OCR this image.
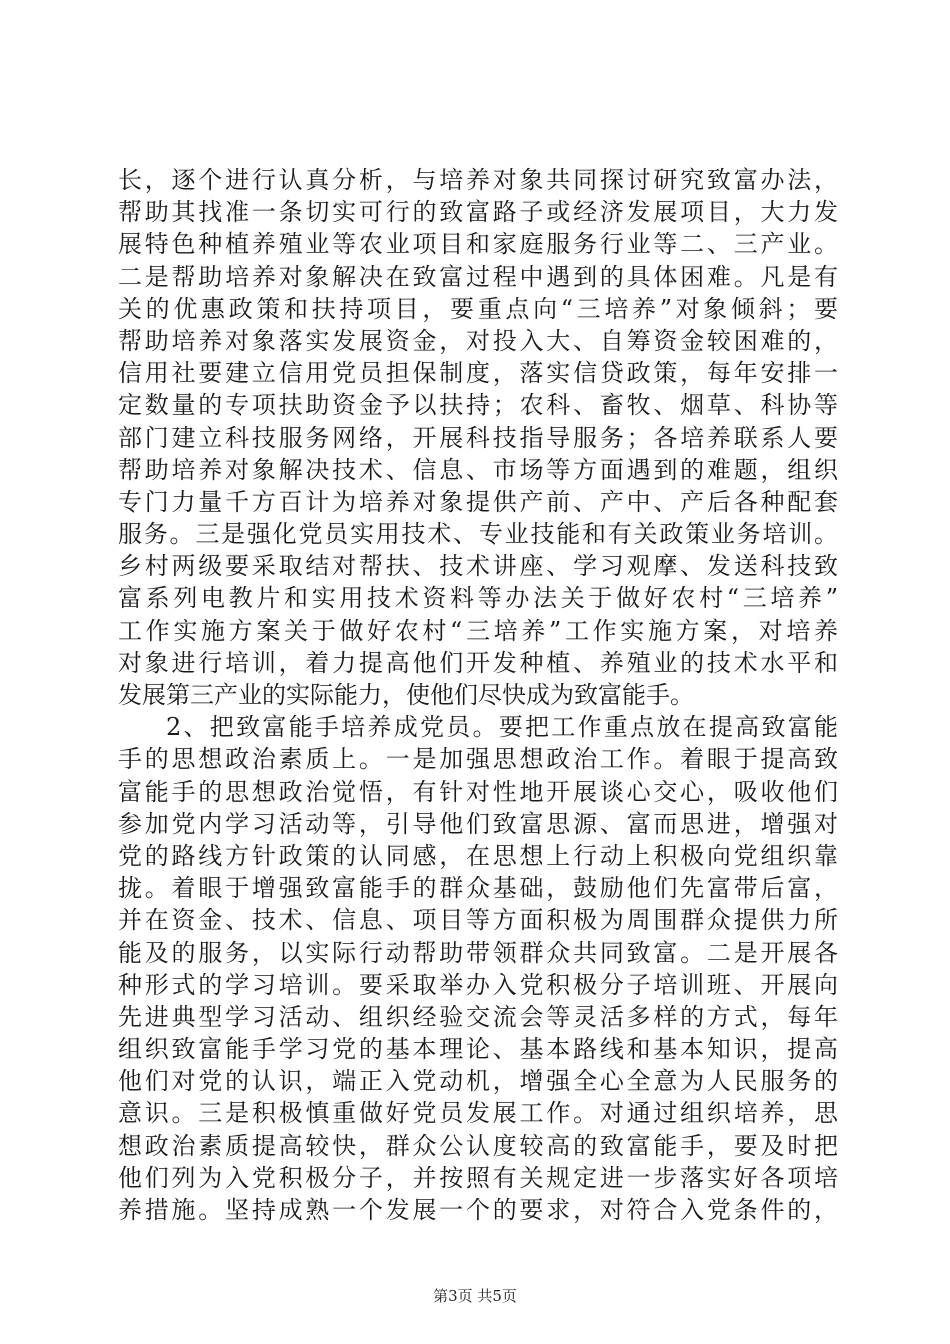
长，逐个进行认真分析，与培养对象共同探讨研究致富办法，
帮助其找准一条切实可行的致富路子或经济发展项目，大力发
展特色种植养殖业等农业项目和家庭服务行业等二、三产业。
二是帮助培养对象解决在致富过程中遇到的具体困难。凡是有
关的优惠政策和扶持项目，要重点向“三培养”对象倾斜；要
帮助培养对象落实发展资金，对投入大、自筹资金较困难的，
信用社要建立信用党员担保制度，落实信贷政策，每年安排一
定数量的专项扶助资金予以扶持；农科、畜牧、烟草、科协等
部门建立科技服务网络，开展科技指导服务；各培养联系人要
帮助培养对象解决技术、信息、市场等方面遇到的难题，组织
专门力量千方百计为培养对象提供产前、产中、产后各种配套
服务。三是强化党员实用技术、专业技能和有关政策业务培训。
乡村两级要采取结对帮扶、技术讲座、学习观摩、发送科技致
富系列电教片和实用技术资料等办法关于做好农村“三培养”
工作实施方案关于做好农村“三培养”工作实施方案，对培养
对象进行培训，着力提高他们开发种植、养殖业的技术水平和
发展第三产业的实际能力，使他们尽快成为致富能手。
2、把致富能手培养成党员。要把工作重点放在提高致富能
手的思想政治素质上。一是加强思想政治工作。着眼于提高致
富能手的思想政治觉悟，有针对性地开展谈心交心，吸收他们
参加党内学习活动等，引导他们致富思源、富而思进，增强对
党的路线方针政策的认同感，在思想上行动上积极向党组织靠
拢。着眼于增强致富能手的群众基础，鼓励他们先富带后富，
并在资金、技术、信息、项目等方面积极为周围群众提供力所
能及的服务，以实际行动帮助带领群众共同致富。二是开展各
种形式的学习培训。要采取举办入党积极分子培训班、开展向
先进典型学习活动、组织经验交流会等灵活多样的方式，每年
组织致富能手学习党的基本理论、基本路线和基本知识，提高
他们对党的认识，端正入党动机，增强全心全意为人民服务的
意识。三是积极慎重做好党员发展工作。对通过组织培养，思
想政治素质提高较快，群众公认度较高的致富能手，要及时把
他们列为入党积极分子，并按照有关规定进一步落实好各项培
养措施。坚持成熟一个发展一个的要求，对符合入党条件的，
第3页 共5页
